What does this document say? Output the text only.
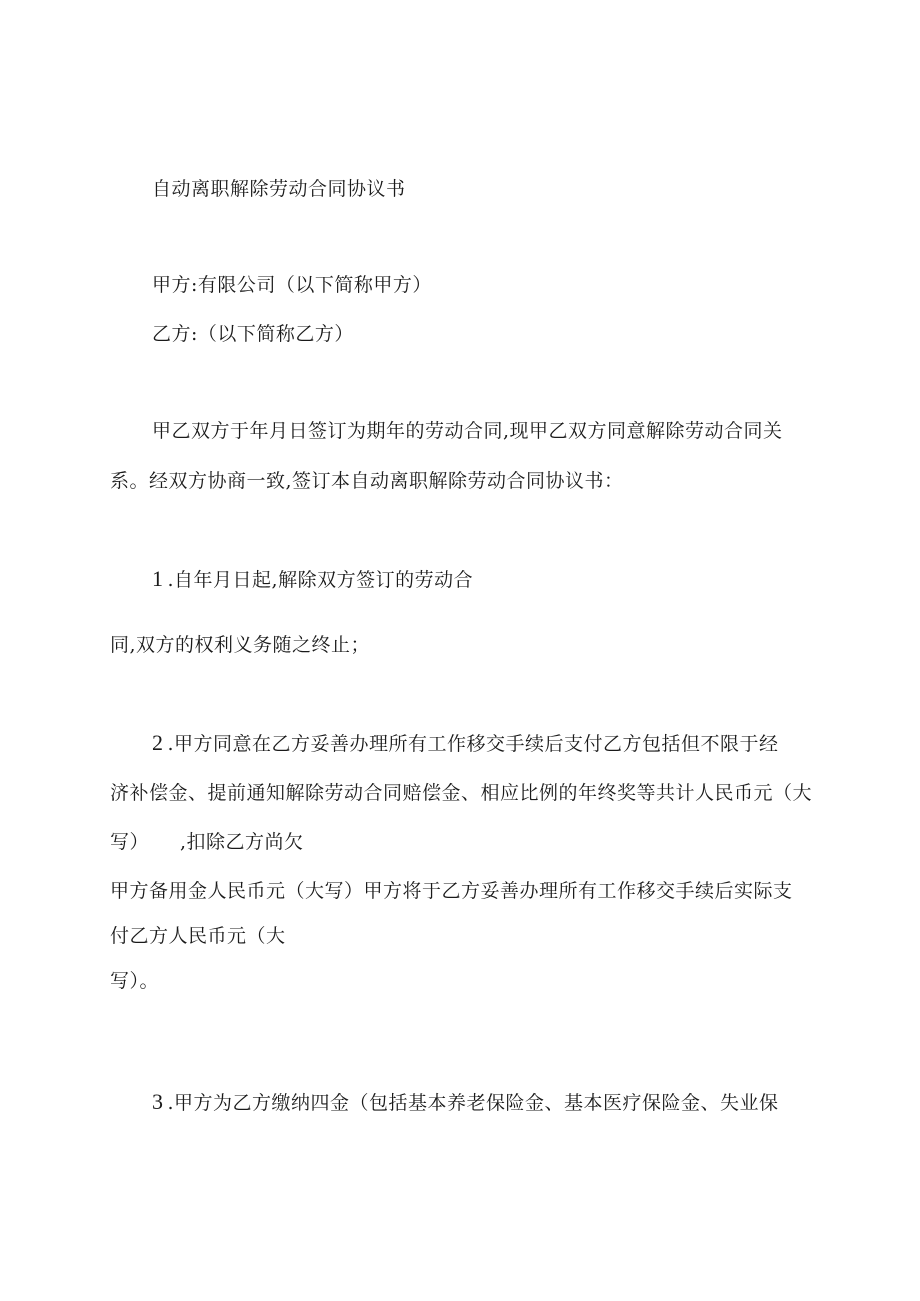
自动离职解除劳动合同协议书
甲方:有限公司（以下简称甲方）
乙方:（以下简称乙方）
甲乙双方于年月日签订为期年的劳动合同,现甲乙双方同意解除劳动合同关
系。经双方协商一致,签订本自动离职解除劳动合同协议书：
1 .自年月日起,解除双方签订的劳动合
同,双方的权利义务随之终止；
2 .甲方同意在乙方妥善办理所有工作移交手续后支付乙方包括但不限于经
济补偿金、提前通知解除劳动合同赔偿金、相应比例的年终奖等共计人民币元（大
写） ,扣除乙方尚欠
甲方备用金人民币元（大写）甲方将于乙方妥善办理所有工作移交手续后实际支
付乙方人民币元（大
写）。
3 .甲方为乙方缴纳四金（包括基本养老保险金、基本医疗保险金、失业保
